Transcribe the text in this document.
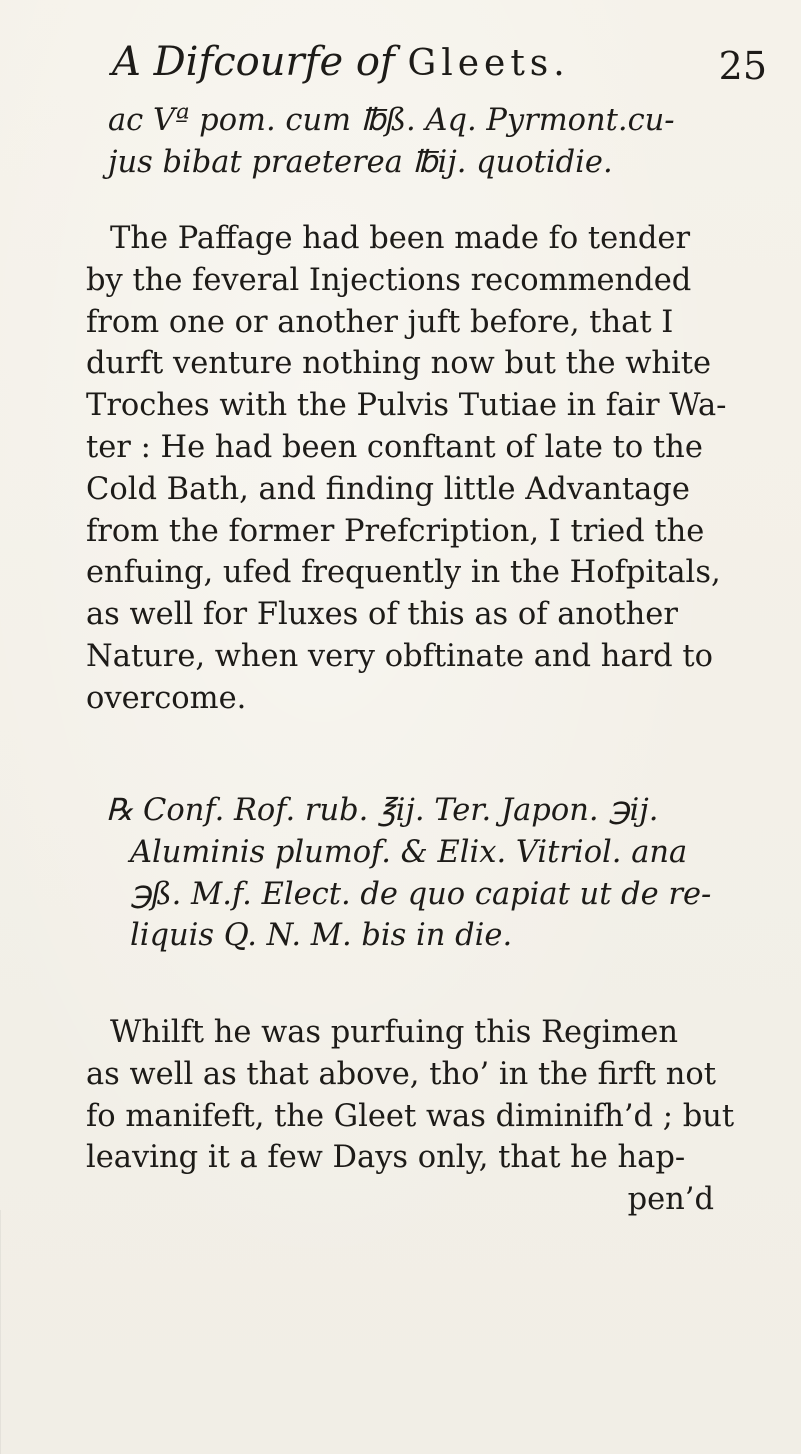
A Difcourfe of Gleets.	25
ac Vª pom. cum ℔ß. Aq. Pyrmont.cu-
jus bibat praeterea ℔ij. quotidie.
The Paffage had been made fo tender
by the feveral Injections recommended
from one or another juft before, that I
durft venture nothing now but the white
Troches with the Pulvis Tutiae in fair Wa-
ter : He had been conftant of late to the
Cold Bath, and finding little Advantage
from the former Prefcription, I tried the
enfuing, ufed frequently in the Hofpitals,
as well for Fluxes of this as of another
Nature, when very obftinate and hard to
overcome.
℞ Conf. Rof. rub. ℥ij. Ter. Japon. ℈ij.
Aluminis plumof. & Elix. Vitriol. ana
℈ß. M.f. Elect. de quo capiat ut de re-
liquis Q. N. M. bis in die.
Whilft he was purfuing this Regimen
as well as that above, tho’ in the firft not
fo manifeft, the Gleet was diminifh’d ; but
leaving it a few Days only, that he hap-
pen’d
